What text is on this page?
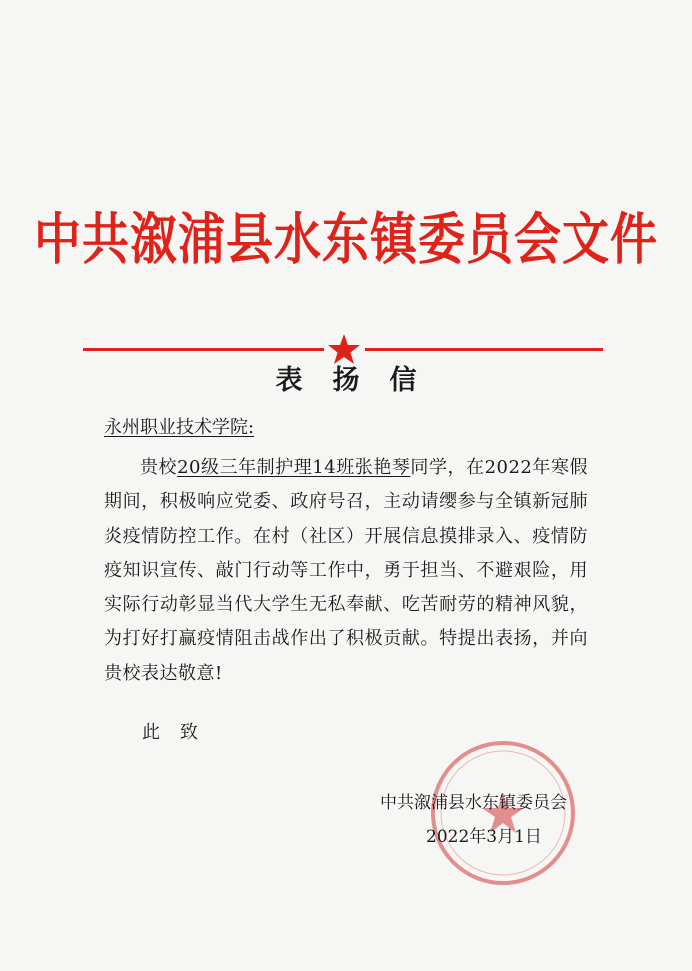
中共溆浦县水东镇委员会文件
表扬信
永州职业技术学院:

贵校20级三年制护理14班张艳琴同学，在2022年寒假期间，积极响应党委、政府号召，主动请缨参与全镇新冠肺炎疫情防控工作。在村（社区）开展信息摸排录入、疫情防疫知识宣传、敲门行动等工作中，勇于担当、不避艰险，用实际行动彰显当代大学生无私奉献、吃苦耐劳的精神风貌，为打好打赢疫情阻击战作出了积极贡献。特提出表扬，并向贵校表达敬意!

此致
中共溆浦县水东镇委员会
2022年3月1日
